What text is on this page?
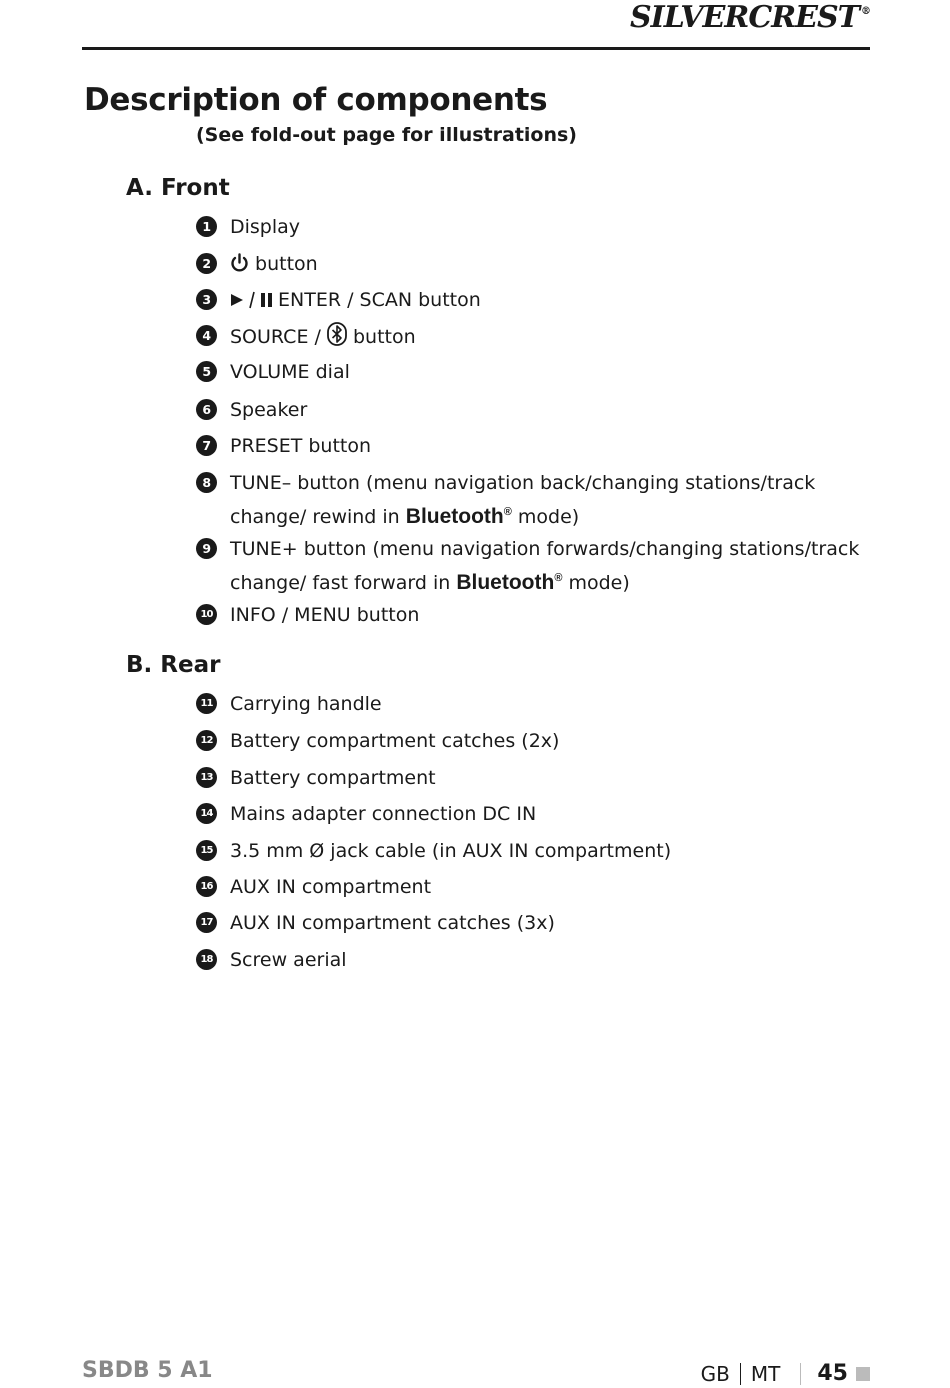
SILVERCREST ®
Description of components
(See fold-out page for illustrations)
A. Front
1	Display
2	button
3	ENTER / SCAN button
4	SOURCE / button
5	VOLUME dial
6	Speaker
7	PRESET button
8	TUNE– button (menu navigation back/changing stations/track change/ rewind in Bluetooth® mode)
9	TUNE+ button (menu navigation forwards/changing stations/track change/ fast forward in Bluetooth® mode)
10 INFO / MENU button
B. Rear
11 Carrying handle
12 Battery compartment catches (2x)
13 Battery compartment
14 Mains adapter connection DC IN
15 3.5 mm Ø jack cable (in AUX IN compartment)
16 AUX IN compartment
17 AUX IN compartment catches (3x)
18 Screw aerial
SBDB 5 A1	GB MT 45
